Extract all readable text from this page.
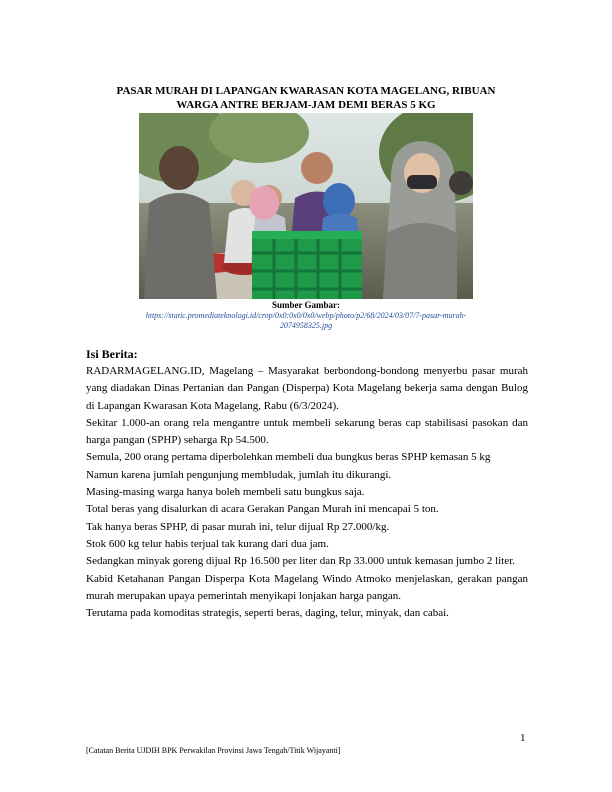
PASAR MURAH DI LAPANGAN KWARASAN KOTA MAGELANG, RIBUAN
WARGA ANTRE BERJAM-JAM DEMI BERAS 5 KG
Sumber Gambar:
https://static.promediateknologi.id/crop/0x0:0x0/0x0/webp/photo/p2/68/2024/03/07/7-pasar-murah-
2074958325.jpg
Isi Berita:

RADARMAGELANG.ID, Magelang – Masyarakat berbondong-bondong menyerbu pasar murah yang diadakan Dinas Pertanian dan Pangan (Disperpa) Kota Magelang bekerja sama dengan Bulog di Lapangan Kwarasan Kota Magelang, Rabu (6/3/2024).

Sekitar 1.000-an orang rela mengantre untuk membeli sekarung beras cap stabilisasi pasokan dan harga pangan (SPHP) seharga Rp 54.500.

Semula, 200 orang pertama diperbolehkan membeli dua bungkus beras SPHP kemasan 5 kg

Namun karena jumlah pengunjung membludak, jumlah itu dikurangi.

Masing-masing warga hanya boleh membeli satu bungkus saja.

Total beras yang disalurkan di acara Gerakan Pangan Murah ini mencapai 5 ton.

Tak hanya beras SPHP, di pasar murah ini, telur dijual Rp 27.000/kg.

Stok 600 kg telur habis terjual tak kurang dari dua jam.

Sedangkan minyak goreng dijual Rp 16.500 per liter dan Rp 33.000 untuk kemasan jumbo 2 liter.

Kabid Ketahanan Pangan Disperpa Kota Magelang Windo Atmoko menjelaskan, gerakan pangan murah merupakan upaya pemerintah menyikapi lonjakan harga pangan.

Terutama pada komoditas strategis, seperti beras, daging, telur, minyak, dan cabai.

1
[Catatan Berita UJDIH BPK Perwakilan Provinsi Jawa Tengah/Titik Wijayanti]
